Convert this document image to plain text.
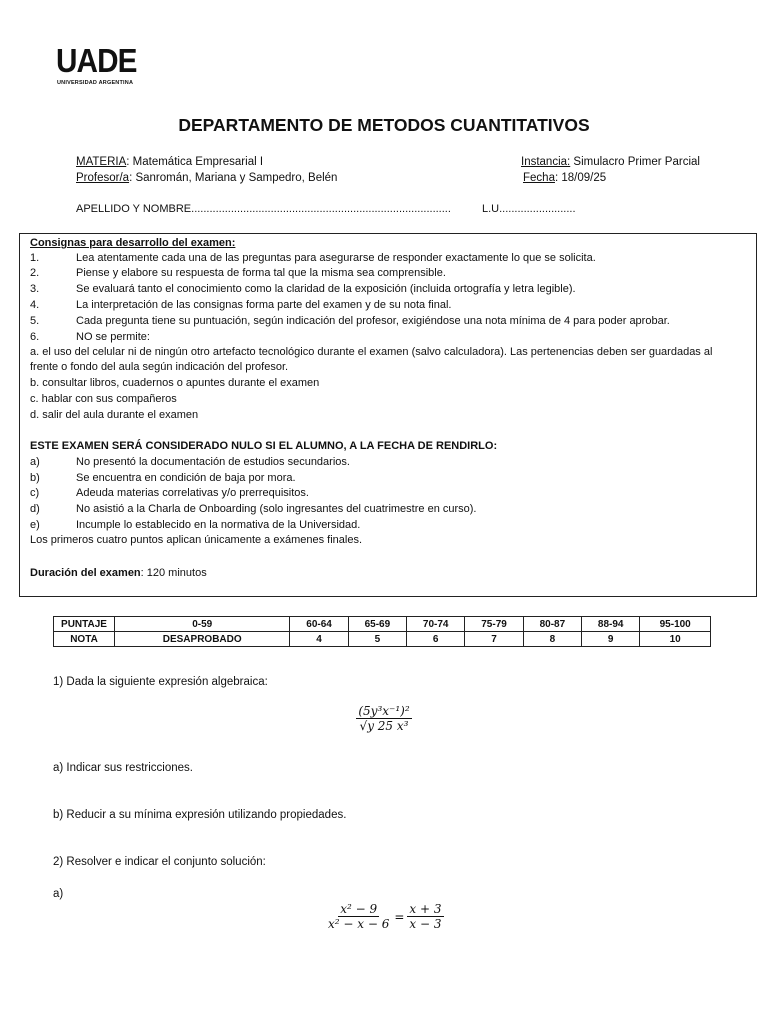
UADE
UNIVERSIDAD ARGENTINA
DEPARTAMENTO DE METODOS CUANTITATIVOS
MATERIA: Matemática Empresarial I	Instancia: Simulacro Primer Parcial
Profesor/a: Sanromán, Mariana y Sampedro, Belén	Fecha: 18/09/25
APELLIDO Y NOMBRE.....................................................................................	L.U.........................
Consignas para desarrollo del examen:
1.	Lea atentamente cada una de las preguntas para asegurarse de responder exactamente lo que se solicita.
2.	Piense y elabore su respuesta de forma tal que la misma sea comprensible.
3.	Se evaluará tanto el conocimiento como la claridad de la exposición (incluida ortografía y letra legible).
4.	La interpretación de las consignas forma parte del examen y de su nota final.
5.	Cada pregunta tiene su puntuación, según indicación del profesor, exigiéndose una nota mínima de 4 para poder aprobar.
6.	NO se permite:
a. el uso del celular ni de ningún otro artefacto tecnológico durante el examen (salvo calculadora). Las pertenencias deben ser guardadas al
frente o fondo del aula según indicación del profesor.
b. consultar libros, cuadernos o apuntes durante el examen
c. hablar con sus compañeros
d. salir del aula durante el examen
ESTE EXAMEN SERÁ CONSIDERADO NULO SI EL ALUMNO, A LA FECHA DE RENDIRLO:
a)	No presentó la documentación de estudios secundarios.
b)	Se encuentra en condición de baja por mora.
c)	Adeuda materias correlativas y/o prerrequisitos.
d)	No asistió a la Charla de Onboarding (solo ingresantes del cuatrimestre en curso).
e)	Incumple lo establecido en la normativa de la Universidad.
Los primeros cuatro puntos aplican únicamente a exámenes finales.
Duración del examen: 120 minutos
PUNTAJE	0-59	60-64	65-69	70-74	75-79	80-87	88-94	95-100
NOTA	DESAPROBADO	4	5	6	7	8	9	10
1) Dada la siguiente expresión algebraica:
$\frac{\text{(5y³x⁻¹)²}}{\text{√y 25 x³}}$
a) Indicar sus restricciones.
b) Reducir a su mínima expresión utilizando propiedades.
2) Resolver e indicar el conjunto solución:
a)
$\frac{\text{x² − 9}}{\text{x² − x − 6}} = \frac{x + 3}{x - 3}$
